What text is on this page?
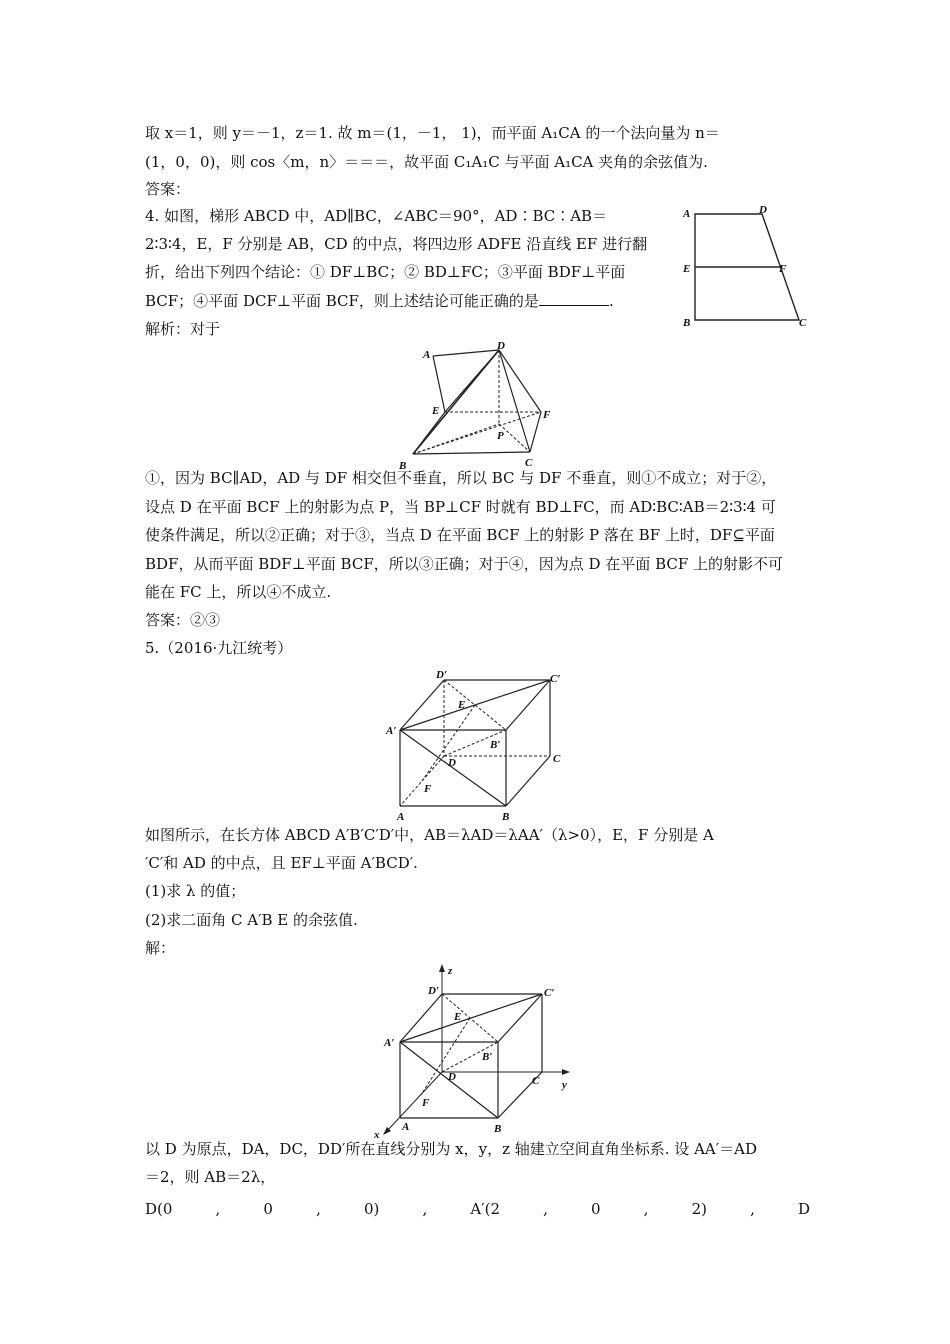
取 x＝1，则 y＝－1，z＝1. 故 m＝(1，－1， 1)，而平面 A₁CA 的一个法向量为 n＝
(1，0，0)，则 cos〈m，n〉＝＝＝，故平面 C₁A₁C 与平面 A₁CA 夹角的余弦值为.
答案：
4. 如图，梯形 ABCD 中，AD∥BC，∠ABC＝90°，AD∶BC∶AB＝
2∶3∶4，E，F 分别是 AB，CD 的中点，将四边形 ADFE 沿直线 EF 进行翻
折，给出下列四个结论：① DF⊥BC；② BD⊥FC；③平面 BDF⊥平面
BCF；④平面 DCF⊥平面 BCF，则上述结论可能正确的是	.
解析：对于
A	D
E	F
B	C
A
D
E	F
P
B	C
①，因为 BC∥AD，AD 与 DF 相交但不垂直，所以 BC 与 DF 不垂直，则①不成立；对于②，
设点 D 在平面 BCF 上的射影为点 P，当 BP⊥CF 时就有 BD⊥FC，而 AD∶BC∶AB＝2∶3∶4 可
使条件满足，所以②正确；对于③，当点 D 在平面 BCF 上的射影 P 落在 BF 上时，DF⊆平面
BDF，从而平面 BDF⊥平面 BCF，所以③正确；对于④，因为点 D 在平面 BCF 上的射影不可
能在 FC 上，所以④不成立.
答案：②③
5.（2016·九江统考）
D′	C′
E
A′
B′
D	C
F
A	B
如图所示，在长方体 ABCD A′B′C′D′中，AB＝λAD＝λAA′（λ>0），E，F 分别是 A
′C′和 AD 的中点，且 EF⊥平面 A′BCD′.
(1)求 λ 的值；
(2)求二面角 C A′B E 的余弦值.
解：
z
y
x
D′	C′
E
A′
B′
D	C
F
A	B
以 D 为原点，DA，DC，DD′所在直线分别为 x，y，z 轴建立空间直角坐标系. 设 AA′＝AD
＝2，则 AB＝2λ，
D(0	,	0	,	0)	,	A′(2	,	0	,	2)	,	D
